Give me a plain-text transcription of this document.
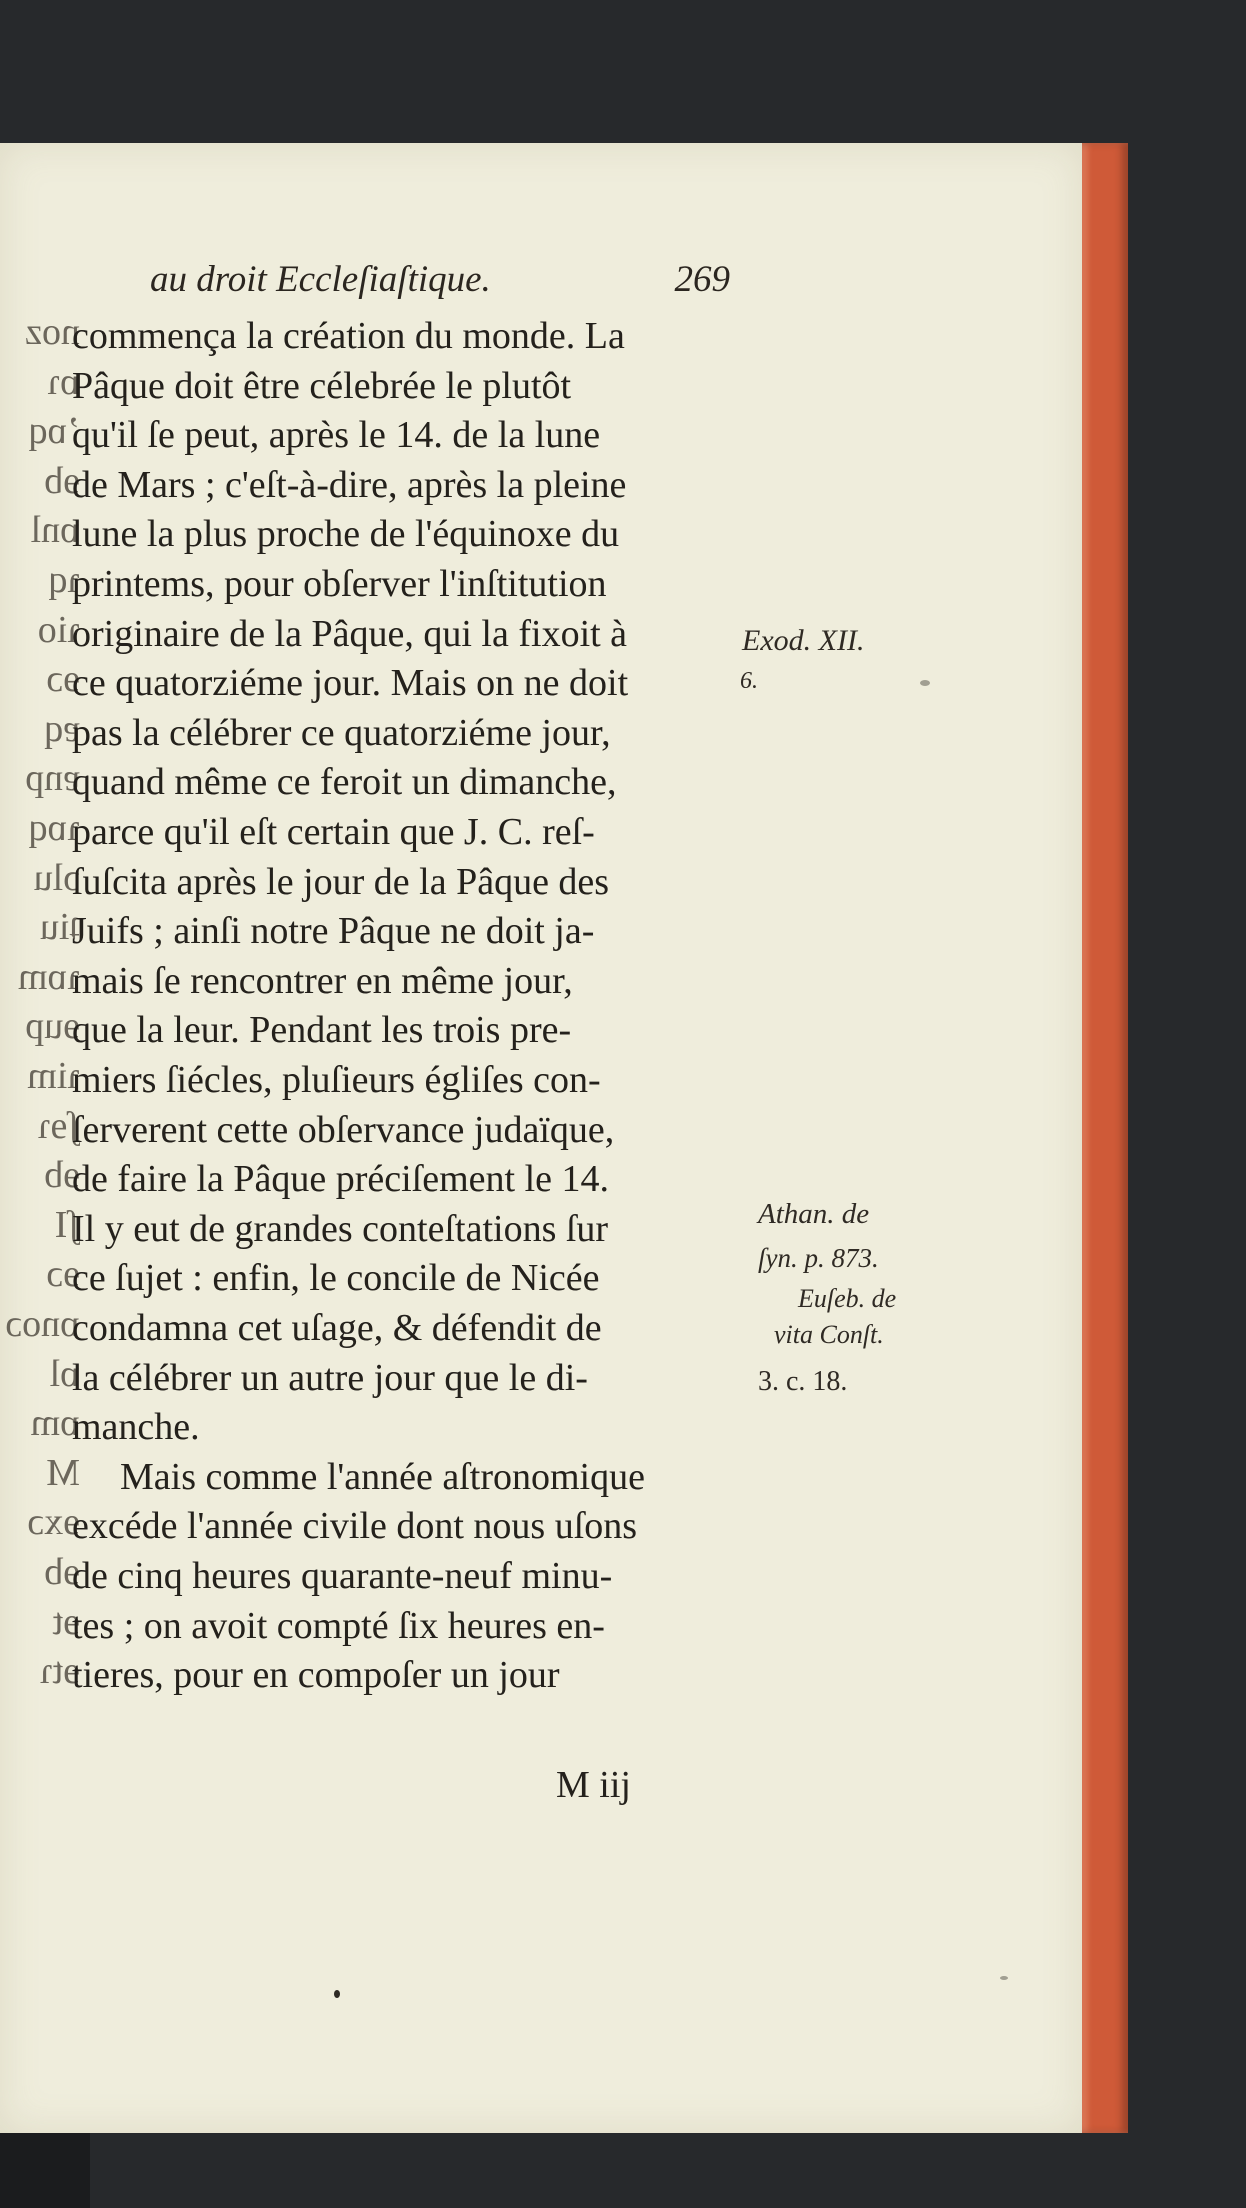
au droit Eccleſiaſtique.	269
noz
ɒɿ
ʼɒq
ɘb
ɒnl
ɿq
ɿio
ɘɔ
ɐq
ɐnp
ɿɒq
ɔlu
ʇiu
ɿɒm
ɘup
ɿim
ʃɘɿ
ɘb
ʃI
ɘɔ
ɒnoɔ
ɒl
ɒm
M
ɘxɔ
ɘb
ɘt
ɘtɿ
commença la création du monde. La
Pâque doit être célebrée le plutôt
qu'il ſe peut, après le 14. de la lune
de Mars ; c'eſt-à-dire, après la pleine
lune la plus proche de l'équinoxe du
printems, pour obſerver l'inſtitution
originaire de la Pâque, qui la fixoit à
ce quatorziéme jour. Mais on ne doit
pas la célébrer ce quatorziéme jour,
quand même ce feroit un dimanche,
parce qu'il eſt certain que J. C. reſ-
ſuſcita après le jour de la Pâque des
Juifs ; ainſi notre Pâque ne doit ja-
mais ſe rencontrer en même jour,
que la leur. Pendant les trois pre-
miers ſiécles, pluſieurs égliſes con-
ſerverent cette obſervance judaïque,
de faire la Pâque préciſement le 14.
Il y eut de grandes conteſtations ſur
ce ſujet : enfin, le concile de Nicée
condamna cet uſage, & défendit de
la célébrer un autre jour que le di-
manche.
Mais comme l'année aſtronomique
excéde l'année civile dont nous uſons
de cinq heures quarante-neuf minu-
tes ; on avoit compté ſix heures en-
tieres, pour en compoſer un jour
Exod. XII.
6.
Athan. de
ſyn. p. 873.
Euſeb. de
vita Conſt.
3. c. 18.
M iij
